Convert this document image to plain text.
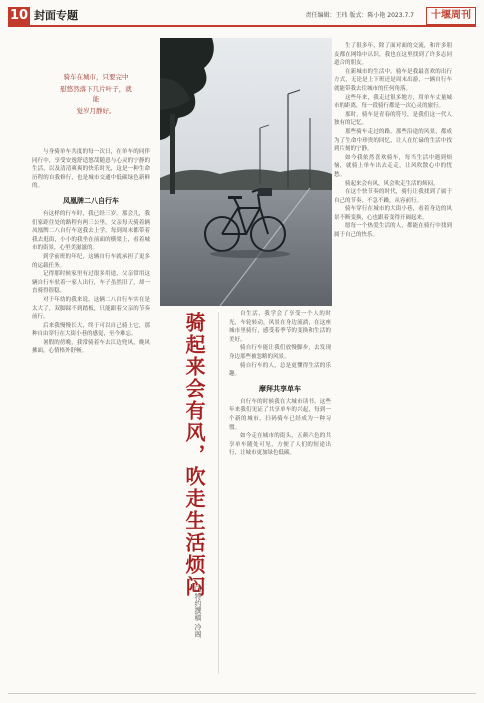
10 封面专题	责任编辑：王玮 版式：陈小艳 2023.7.7	十堰周刊

骑车在城市，只要完中

慰悠然落下几片叶子，就能

觉岁月静好。

与身骑单车共度的每一次日，在单车的同伴同行中，享受安逸舒适悠哉随意与心灵的宁静的生活，以及清清爽爽的快乐时光，这是一种生命历程的自我修行，也是城市交通中低碳绿色新鲜的。

凤凰牌二八自行车

有这样的行车时，我已经三岁。那会儿，我们家距住处的路程有两三公里，父亲每天骑着辆凤凰牌二八自行车送我去上学，每到周末都带着我去逛街，小小的我坐在前面的横梁上，看着城市的街景，心里美滋滋的。

到学前班的年纪，这辆自行车就承担了更多的运载任务。

记得那时候家里有过很多用途，父亲常用这辆自行车驮着一家人出行，车子虽然旧了，却一直骑得很稳。

对于年幼的我来说，这辆二八自行车实在是太大了，双脚踩不到踏板，只能跟着父亲的节奏前行。

后来我慢慢长大，终于可以自己骑上它，那种自由穿行在大街小巷的感觉，至今难忘。

暑假的傍晚，我常骑着车去江边兜风，晚风拂面，心情格外舒畅。	骑起来会有风，吹走生活烦闷
□特约撰稿 冷阁

自生活，我学会了享受一个人的时光，车轮转动，风景在身边流淌，在这座城市里骑行，感受着季节的变换和生活的美好。

骑自行车能让我们放慢脚步，去发现身边那些被忽略的风景。

骑自行车的人，总是更懂得生活的乐趣。

摩拜共享单车

自行车的时候我在大城市读书，这些年来我们见证了共享单车的兴起，每到一个新的城市，扫码骑车已经成为一种习惯。

如今走在城市的街头，五颜六色的共享单车随处可见，方便了人们的短途出行，让城市更加绿色低碳。

生了很多年，除了面对面的交流，和许多朋友都在网络中认识，我也在这里找到了许多志同道合的朋友。

在新城市的生活中，骑车是我最喜欢的出行方式，无论是上下班还是周末出游，一辆自行车就能带我去往城市的任何角落。

这些年来，我走过很多地方，用单车丈量城市的距离，每一段骑行都是一次心灵的旅行。

那时，骑车是青春的符号，是我们这一代人独有的记忆。

那些骑车走过的路，那些沿途的风景，都成为了生命中珍贵的回忆，让人在忙碌的生活中找到片刻的宁静。

如今我依然喜欢骑车，每当生活中遇到烦恼，就骑上单车出去走走，让风吹散心中的忧愁。

骑起来会有风，风会吹走生活的烦闷。

在这个快节奏的时代，骑行让我找到了属于自己的节奏，不急不躁，从容前行。

骑车穿行在城市的大街小巷，看着身边的风景不断变换，心也跟着变得开阔起来。

愿每一个热爱生活的人，都能在骑行中找到属于自己的快乐。
